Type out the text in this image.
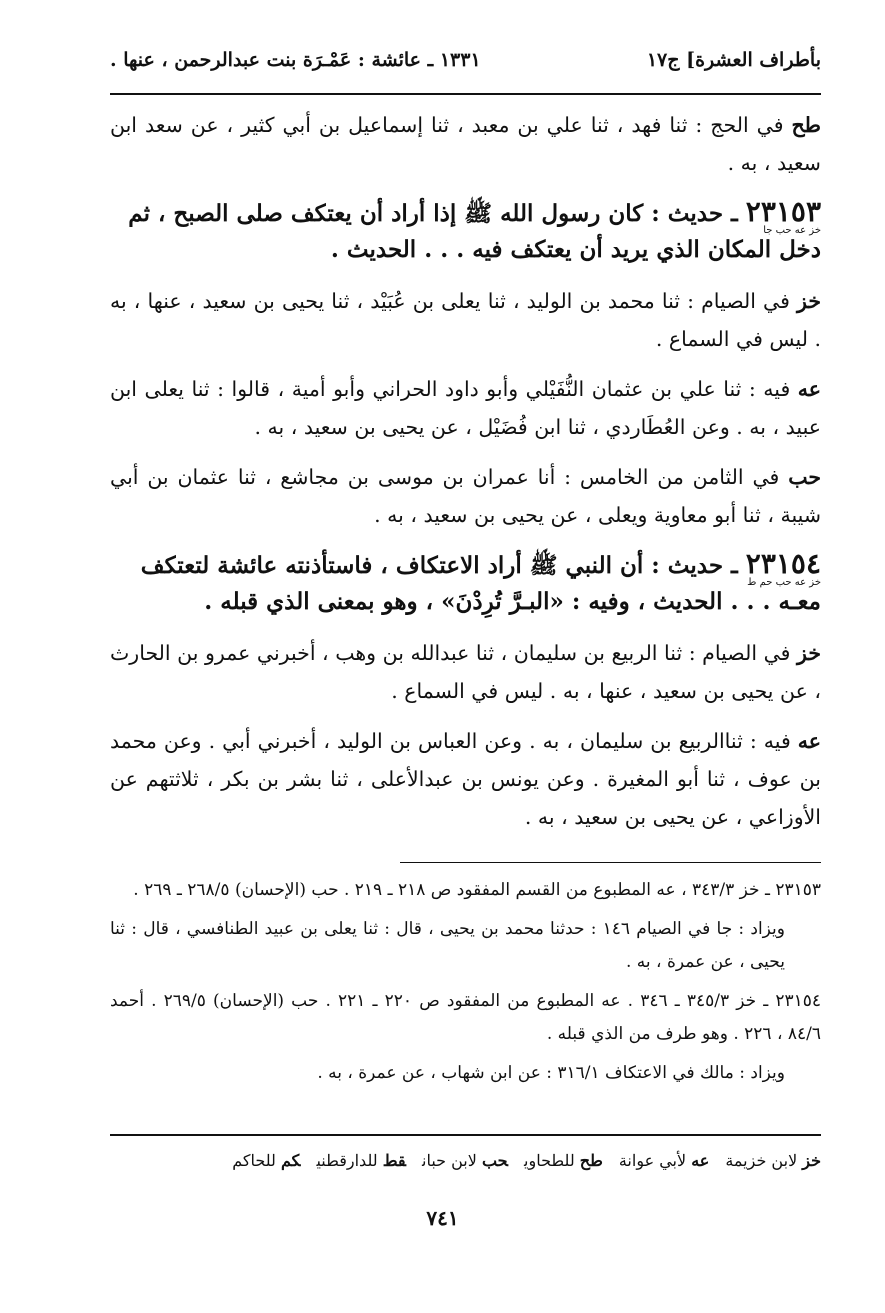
بأطراف العشرة] ج١٧
١٣٣١ ـ عائشة : عَمْـرَة بنت عبدالرحمن ، عنها .

طح في الحج : ثنا فهد ، ثنا علي بن معبد ، ثنا إسماعيل بن أبي كثير ، عن سعد ابن سعيد ، به .

٢٣١٥٣ ـ حديث : كان رسول الله ﷺ إذا أراد أن يعتكف صلى الصبح ، ثم
خز عه حب جا
دخل المكان الذي يريد أن يعتكف فيه . . . الحديث .

خز في الصيام : ثنا محمد بن الوليد ، ثنا يعلى بن عُبَيْد ، ثنا يحيى بن سعيد ، عنها ، به . ليس في السماع .

عه فيه : ثنا علي بن عثمان النُّفَيْلي وأبو داود الحراني وأبو أمية ، قالوا : ثنا يعلى ابن عبيد ، به . وعن العُطَاردي ، ثنا ابن فُضَيْل ، عن يحيى بن سعيد ، به .

حب في الثامن من الخامس : أنا عمران بن موسى بن مجاشع ، ثنا عثمان بن أبي شيبة ، ثنا أبو معاوية ويعلى ، عن يحيى بن سعيد ، به .

٢٣١٥٤ ـ حديث : أن النبي ﷺ أراد الاعتكاف ، فاستأذنته عائشة لتعتكف
خز عه حب حم ط
معـه . . . الحديث ، وفيه : «البـرَّ تُرِدْنَ» ، وهو بمعنى الذي قبله .

خز في الصيام : ثنا الربيع بن سليمان ، ثنا عبدالله بن وهب ، أخبرني عمرو بن الحارث ، عن يحيى بن سعيد ، عنها ، به . ليس في السماع .

عه فيه : ثناالربيع بن سليمان ، به . وعن العباس بن الوليد ، أخبرني أبي . وعن محمد بن عوف ، ثنا أبو المغيرة . وعن يونس بن عبدالأعلى ، ثنا بشر بن بكر ، ثلاثتهم عن الأوزاعي ، عن يحيى بن سعيد ، به .

٢٣١٥٣ ـ خز ٣٤٣/٣ ، عه المطبوع من القسم المفقود ص ٢١٨ ـ ٢١٩ . حب (الإحسان) ٢٦٨/٥ ـ ٢٦٩ .

ويزاد : جا في الصيام ١٤٦ : حدثنا محمد بن يحيى ، قال : ثنا يعلى بن عبيد الطنافسي ، قال : ثنا يحيى ، عن عمرة ، به .

٢٣١٥٤ ـ خز ٣٤٥/٣ ـ ٣٤٦ . عه المطبوع من المفقود ص ٢٢٠ ـ ٢٢١ . حب (الإحسان) ٢٦٩/٥ . أحمد ٨٤/٦ ، ٢٢٦ . وهو طرف من الذي قبله .

ويزاد : مالك في الاعتكاف ٣١٦/١ : عن ابن شهاب ، عن عمرة ، به .

خز لابن خزيمةعه لأبي عوانةطح للطحاويحب لابن حبانقط للدارقطنيكم للحاكم
٧٤١
